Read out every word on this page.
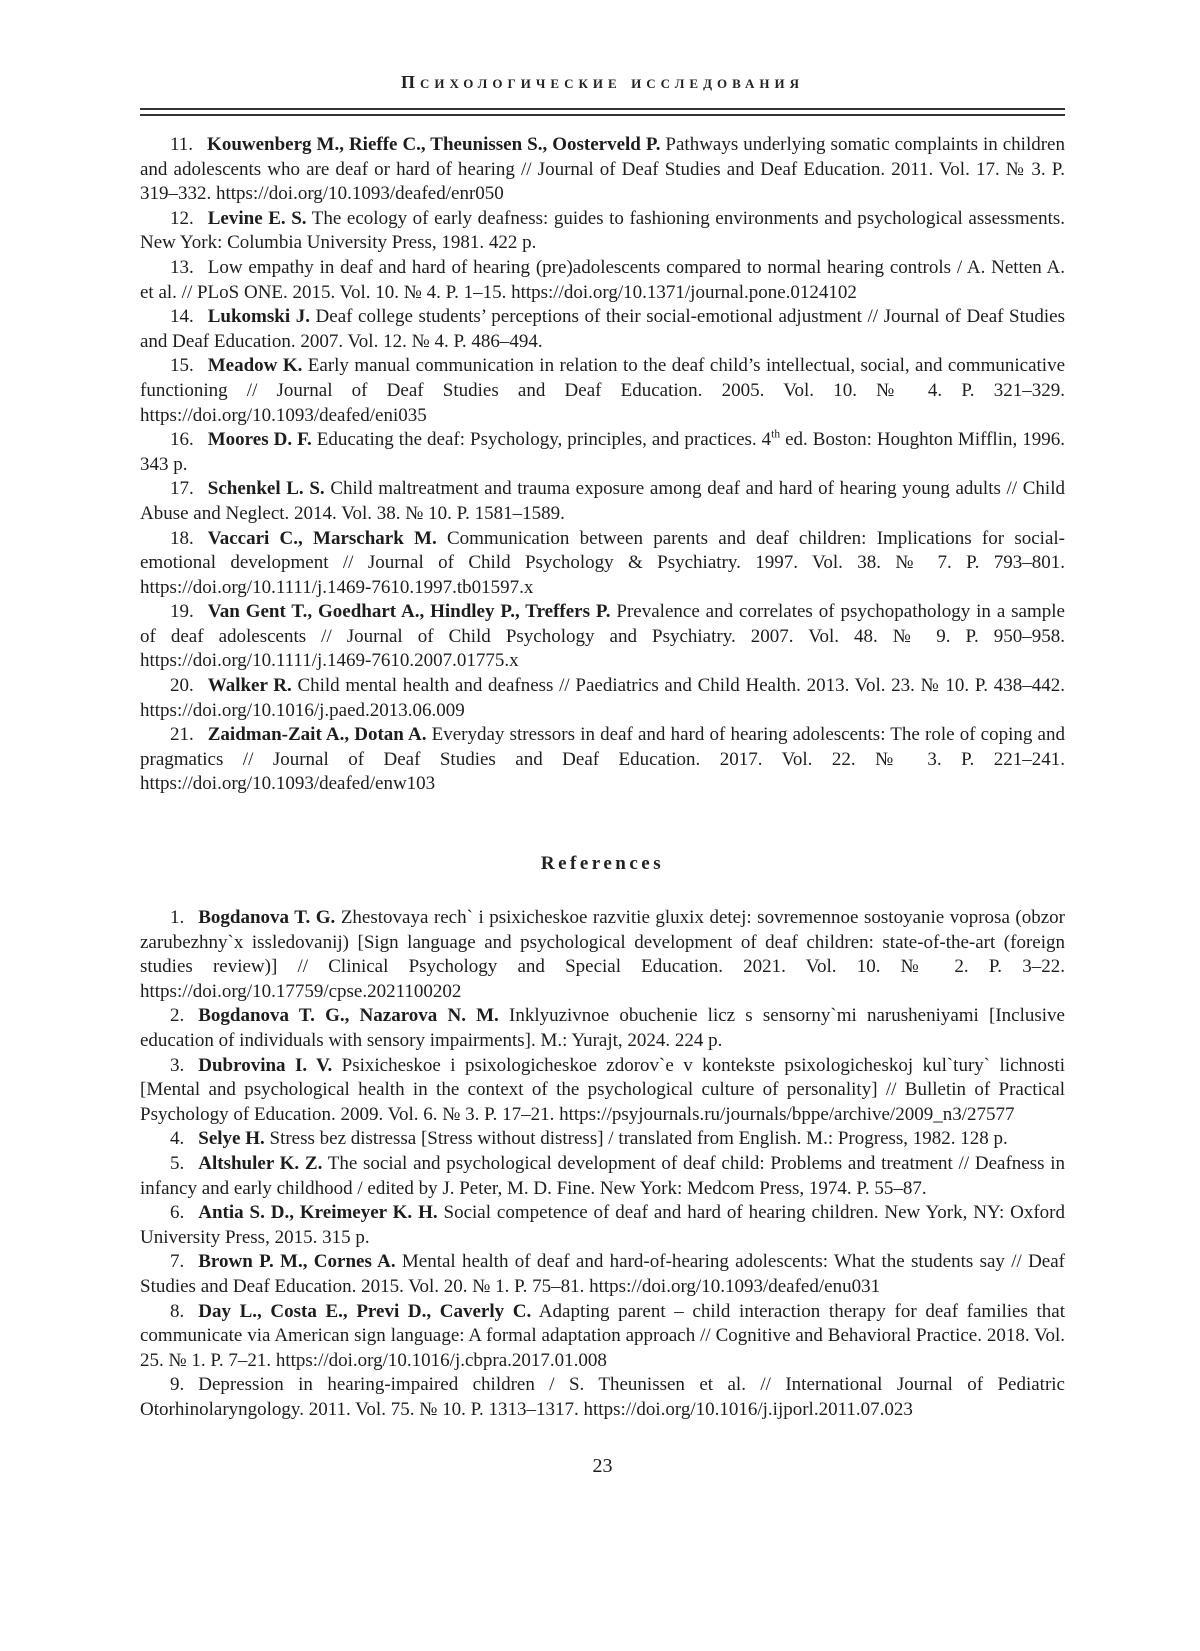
Психологические исследования

11. Kouwenberg M., Rieffe C., Theunissen S., Oosterveld P. Pathways underlying somatic complaints in children and adolescents who are deaf or hard of hearing // Journal of Deaf Studies and Deaf Education. 2011. Vol. 17. № 3. P. 319–332. https://doi.org/10.1093/deafed/enr050

12. Levine E. S. The ecology of early deafness: guides to fashioning environments and psychological assessments. New York: Columbia University Press, 1981. 422 p.

13. Low empathy in deaf and hard of hearing (pre)adolescents compared to normal hearing controls / A. Netten A. et al. // PLoS ONE. 2015. Vol. 10. № 4. P. 1–15. https://doi.org/10.1371/journal.pone.0124102

14. Lukomski J. Deaf college students’ perceptions of their social-emotional adjustment // Journal of Deaf Studies and Deaf Education. 2007. Vol. 12. № 4. P. 486–494.

15. Meadow K. Early manual communication in relation to the deaf child’s intellectual, social, and communicative functioning // Journal of Deaf Studies and Deaf Education. 2005. Vol. 10. № 4. P. 321–329. https://doi.org/10.1093/deafed/eni035

16. Moores D. F. Educating the deaf: Psychology, principles, and practices. 4th ed. Boston: Houghton Mifflin, 1996. 343 p.

17. Schenkel L. S. Child maltreatment and trauma exposure among deaf and hard of hearing young adults // Child Abuse and Neglect. 2014. Vol. 38. № 10. P. 1581–1589.

18. Vaccari C., Marschark M. Communication between parents and deaf children: Implications for social-emotional development // Journal of Child Psychology & Psychiatry. 1997. Vol. 38. № 7. P. 793–801. https://doi.org/10.1111/j.1469-7610.1997.tb01597.x

19. Van Gent T., Goedhart A., Hindley P., Treffers P. Prevalence and correlates of psychopathology in a sample of deaf adolescents // Journal of Child Psychology and Psychiatry. 2007. Vol. 48. № 9. P. 950–958. https://doi.org/10.1111/j.1469-7610.2007.01775.x

20. Walker R. Child mental health and deafness // Paediatrics and Child Health. 2013. Vol. 23. № 10. P. 438–442. https://doi.org/10.1016/j.paed.2013.06.009

21. Zaidman-Zait A., Dotan A. Everyday stressors in deaf and hard of hearing adolescents: The role of coping and pragmatics // Journal of Deaf Studies and Deaf Education. 2017. Vol. 22. № 3. P. 221–241. https://doi.org/10.1093/deafed/enw103

References

1. Bogdanova T. G. Zhestovaya rech` i psixicheskoe razvitie gluxix detej: sovremennoe sostoyanie voprosa (obzor zarubezhny`x issledovanij) [Sign language and psychological development of deaf children: state-of-the-art (foreign studies review)] // Clinical Psychology and Special Education. 2021. Vol. 10. № 2. P. 3–22. https://doi.org/10.17759/cpse.2021100202

2. Bogdanova T. G., Nazarova N. M. Inklyuzivnoe obuchenie licz s sensorny`mi narusheniyami [Inclusive education of individuals with sensory impairments]. M.: Yurajt, 2024. 224 p.

3. Dubrovina I. V. Psixicheskoe i psixologicheskoe zdorov`e v kontekste psixologicheskoj kul`tury` lichnosti [Mental and psychological health in the context of the psychological culture of personality] // Bulletin of Practical Psychology of Education. 2009. Vol. 6. № 3. P. 17–21. https://psyjournals.ru/journals/bppe/archive/2009_n3/27577

4. Selye H. Stress bez distressa [Stress without distress] / translated from English. M.: Progress, 1982. 128 p.

5. Altshuler K. Z. The social and psychological development of deaf child: Problems and treatment // Deafness in infancy and early childhood / edited by J. Peter, M. D. Fine. New York: Medcom Press, 1974. P. 55–87.

6. Antia S. D., Kreimeyer K. H. Social competence of deaf and hard of hearing children. New York, NY: Oxford University Press, 2015. 315 p.

7. Brown P. M., Cornes A. Mental health of deaf and hard-of-hearing adolescents: What the students say // Deaf Studies and Deaf Education. 2015. Vol. 20. № 1. P. 75–81. https://doi.org/10.1093/deafed/enu031

8. Day L., Costa E., Previ D., Caverly C. Adapting parent – child interaction therapy for deaf families that communicate via American sign language: A formal adaptation approach // Cognitive and Behavioral Practice. 2018. Vol. 25. № 1. P. 7–21. https://doi.org/10.1016/j.cbpra.2017.01.008

9. Depression in hearing-impaired children / S. Theunissen et al. // International Journal of Pediatric Otorhinolaryngology. 2011. Vol. 75. № 10. P. 1313–1317. https://doi.org/10.1016/j.ijporl.2011.07.023

23
